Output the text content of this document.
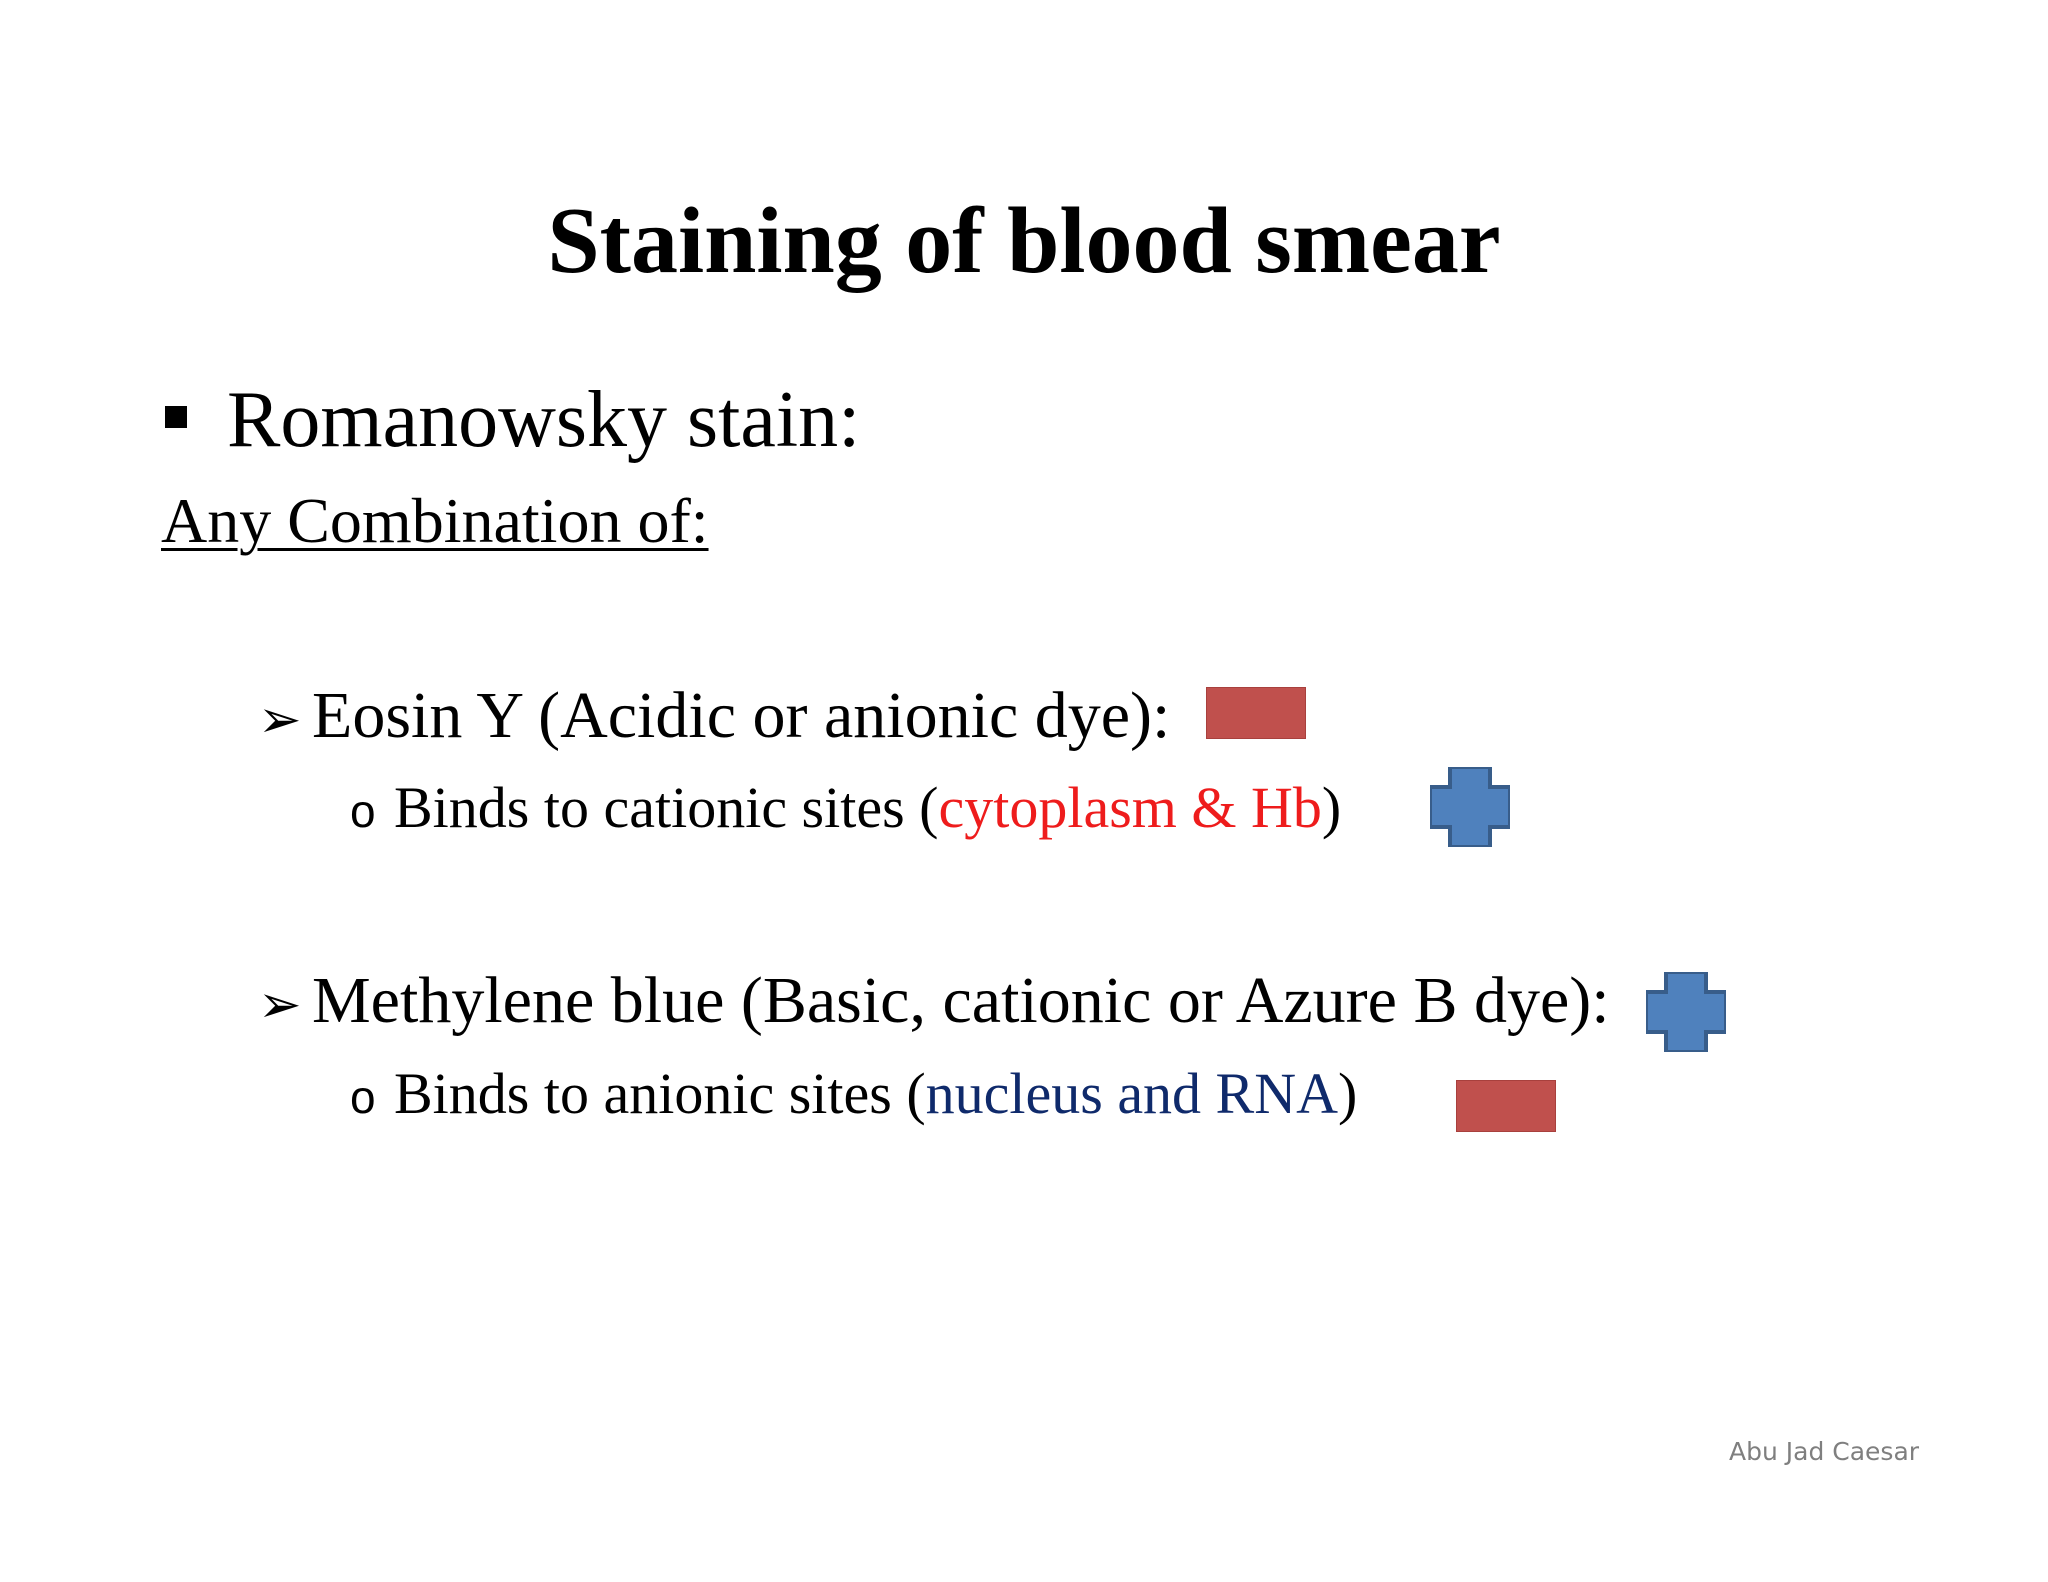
Staining of blood smear
Romanowsky stain:
Any Combination of:
➢ Eosin Y (Acidic or anionic dye):
o Binds to cationic sites (cytoplasm & Hb)
➢ Methylene blue (Basic, cationic or Azure B dye):
o Binds to anionic sites (nucleus and RNA)
Abu Jad Caesar
